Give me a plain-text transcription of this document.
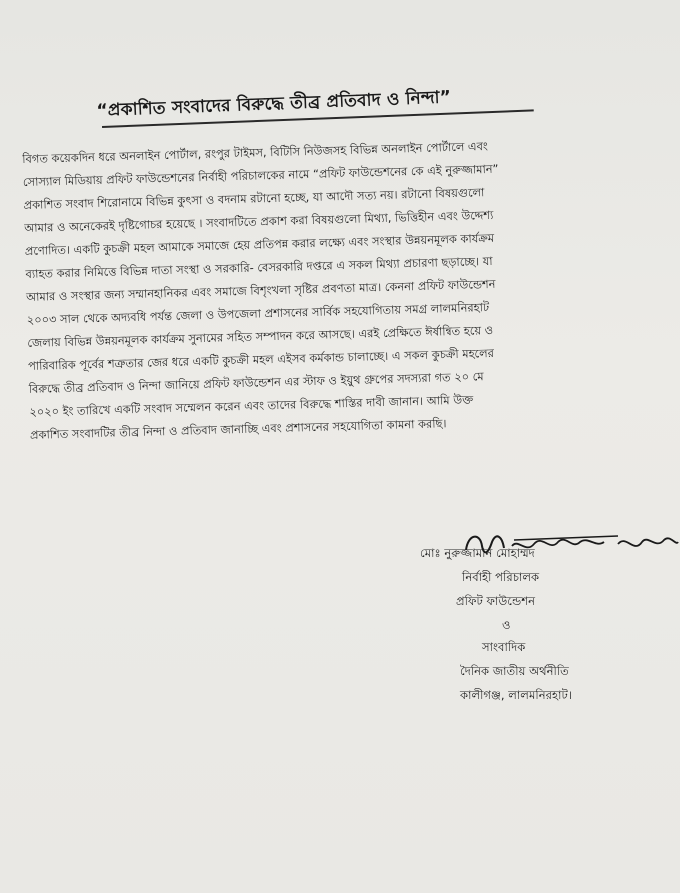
“প্রকাশিত সংবাদের বিরুদ্ধে তীব্র প্রতিবাদ ও নিন্দা”
বিগত কয়েকদিন ধরে অনলাইন পোর্টাল, রংপুর টাইমস, বিটিসি নিউজসহ বিভিন্ন অনলাইন পোর্টালে এবং
সোস্যাল মিডিয়ায় প্রফিট ফাউন্ডেশনের নির্বাহী পরিচালকের নামে “প্রফিট ফাউন্ডেশনের কে এই নুরুজ্জামান”
প্রকাশিত সংবাদ শিরোনামে বিভিন্ন কুৎসা ও বদনাম রটানো হচ্ছে, যা আদৌ সত্য নয়। রটানো বিষয়গুলো
আমার ও অনেকেরই দৃষ্টিগোচর হয়েছে । সংবাদটিতে প্রকাশ করা বিষয়গুলো মিথ্যা, ভিত্তিহীন এবং উদ্দেশ্য
প্রণোদিত। একটি কুচক্রী মহল আমাকে সমাজে হেয় প্রতিপন্ন করার লক্ষ্যে এবং সংস্থার উন্নয়নমূলক কার্যক্রম
ব্যাহত করার নিমিত্তে বিভিন্ন দাতা সংস্থা ও সরকারি- বেসরকারি দপ্তরে এ সকল মিথ্যা প্রচারণা ছড়াচ্ছে। যা
আমার ও সংস্থার জন্য সম্মানহানিকর এবং সমাজে বিশৃংখলা সৃষ্টির প্রবণতা মাত্র। কেননা প্রফিট ফাউন্ডেশন
২০০৩ সাল থেকে অদ্যবধি পর্যন্ত জেলা ও উপজেলা প্রশাসনের সার্বিক সহযোগিতায় সমগ্র লালমনিরহাট
জেলায় বিভিন্ন উন্নয়নমূলক কার্যক্রম সুনামের সহিত সম্পাদন করে আসছে। এরই প্রেক্ষিতে ঈর্ষান্বিত হয়ে ও
পারিবারিক পূর্বের শত্রুতার জের ধরে একটি কুচক্রী মহল এইসব কর্মকান্ড চালাচ্ছে। এ সকল কুচক্রী মহলের
বিরুদ্ধে তীব্র প্রতিবাদ ও নিন্দা জানিয়ে প্রফিট ফাউন্ডেশন এর স্টাফ ও ইয়ুথ গ্রুপের সদস্যরা গত ২০ মে
২০২০ ইং তারিখে একটি সংবাদ সম্মেলন করেন এবং তাদের বিরুদ্ধে শাস্তির দাবী জানান। আমি উক্ত
প্রকাশিত সংবাদটির তীব্র নিন্দা ও প্রতিবাদ জানাচ্ছি এবং প্রশাসনের সহযোগিতা কামনা করছি।
মোঃ নুরুজ্জামান মোহাম্মদ
নির্বাহী পরিচালক
প্রফিট ফাউন্ডেশন
ও
সাংবাদিক
দৈনিক জাতীয় অর্থনীতি
কালীগঞ্জ, লালমনিরহাট।
